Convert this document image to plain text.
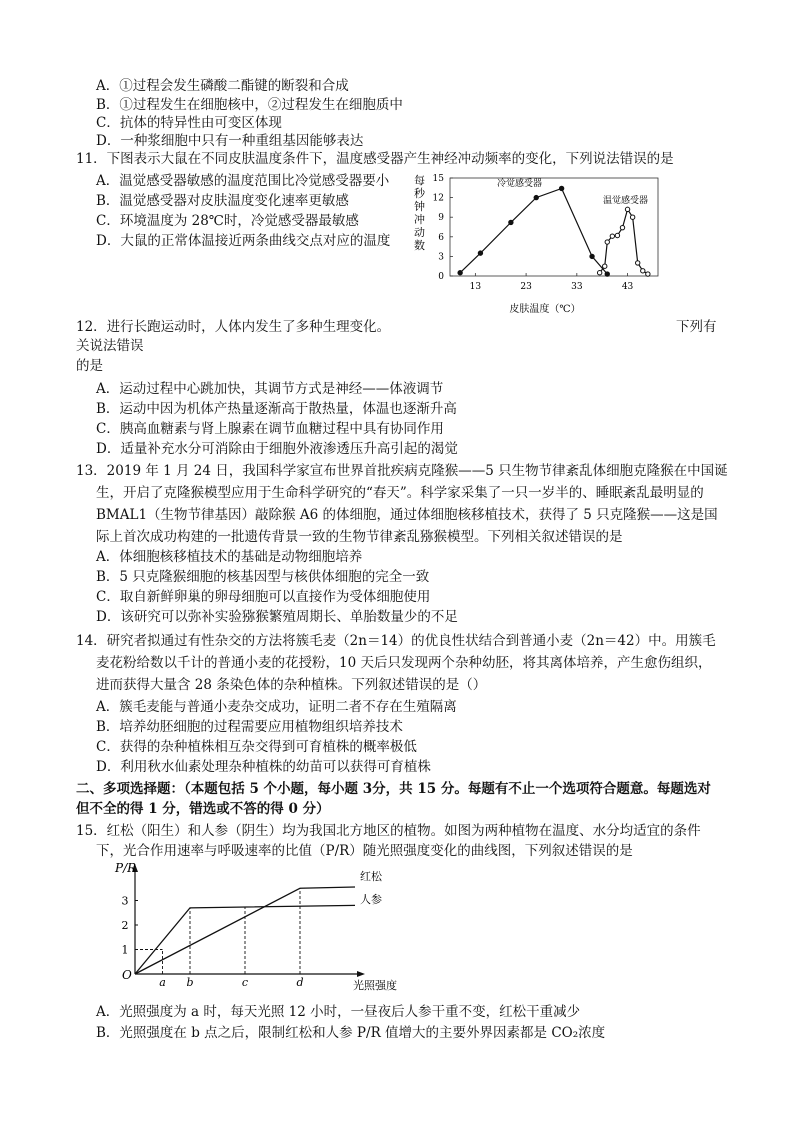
A．①过程会发生磷酸二酯键的断裂和合成
B．①过程发生在细胞核中，②过程发生在细胞质中
C．抗体的特异性由可变区体现
D．一种浆细胞中只有一种重组基因能够表达
11．下图表示大鼠在不同皮肤温度条件下，温度感受器产生神经冲动频率的变化，下列说法错误的是
A．温觉感受器敏感的温度范围比冷觉感受器要小
B．温觉感受器对皮肤温度变化速率更敏感
C．环境温度为 28℃时，冷觉感受器最敏感
D．大鼠的正常体温接近两条曲线交点对应的温度
0
3
6
9
12
15
13	23	33	43
每秒钟冲动数
皮肤温度（℃）
冷觉感受器
温觉感受器
12．进行长跑运动时，人体内发生了多种生理变化。	下列有
关说法错误
的是
A．运动过程中心跳加快，其调节方式是神经——体液调节
B．运动中因为机体产热量逐渐高于散热量，体温也逐渐升高
C．胰高血糖素与肾上腺素在调节血糖过程中具有协同作用
D．适量补充水分可消除由于细胞外液渗透压升高引起的渴觉
13．2019 年 1 月 24 日，我国科学家宣布世界首批疾病克隆猴——5 只生物节律紊乱体细胞克隆猴在中国诞
生，开启了克隆猴模型应用于生命科学研究的“春天”。科学家采集了一只一岁半的、睡眠紊乱最明显的
BMAL1（生物节律基因）敲除猴 A6 的体细胞，通过体细胞核移植技术，获得了 5 只克隆猴——这是国
际上首次成功构建的一批遗传背景一致的生物节律紊乱猕猴模型。下列相关叙述错误的是
A．体细胞核移植技术的基础是动物细胞培养
B．5 只克隆猴细胞的核基因型与核供体细胞的完全一致
C．取自新鲜卵巢的卵母细胞可以直接作为受体细胞使用
D．该研究可以弥补实验猕猴繁殖周期长、单胎数量少的不足
14．研究者拟通过有性杂交的方法将簇毛麦（2n＝14）的优良性状结合到普通小麦（2n＝42）中。用簇毛
麦花粉给数以千计的普通小麦的花授粉，10 天后只发现两个杂种幼胚，将其离体培养，产生愈伤组织，
进而获得大量含 28 条染色体的杂种植株。下列叙述错误的是（）
A．簇毛麦能与普通小麦杂交成功，证明二者不存在生殖隔离
B．培养幼胚细胞的过程需要应用植物组织培养技术
C．获得的杂种植株相互杂交得到可育植株的概率极低
D．利用秋水仙素处理杂种植株的幼苗可以获得可育植株
二、多项选择题：（本题包括 5 个小题，每小题 3分，共 15 分。每题有不止一个选项符合题意。每题选对
但不全的得 1 分，错选或不答的得 0 分）
15．红松（阳生）和人参（阴生）均为我国北方地区的植物。如图为两种植物在温度、水分均适宜的条件
下，光合作用速率与呼吸速率的比值（P/R）随光照强度变化的曲线图，下列叙述错误的是
1
2
3
a b	c	d
P/R
O
光照强度
红松
人参
A．光照强度为 a 时，每天光照 12 小时，一昼夜后人参干重不变，红松干重减少
B．光照强度在 b 点之后，限制红松和人参 P/R 值增大的主要外界因素都是 CO₂浓度
